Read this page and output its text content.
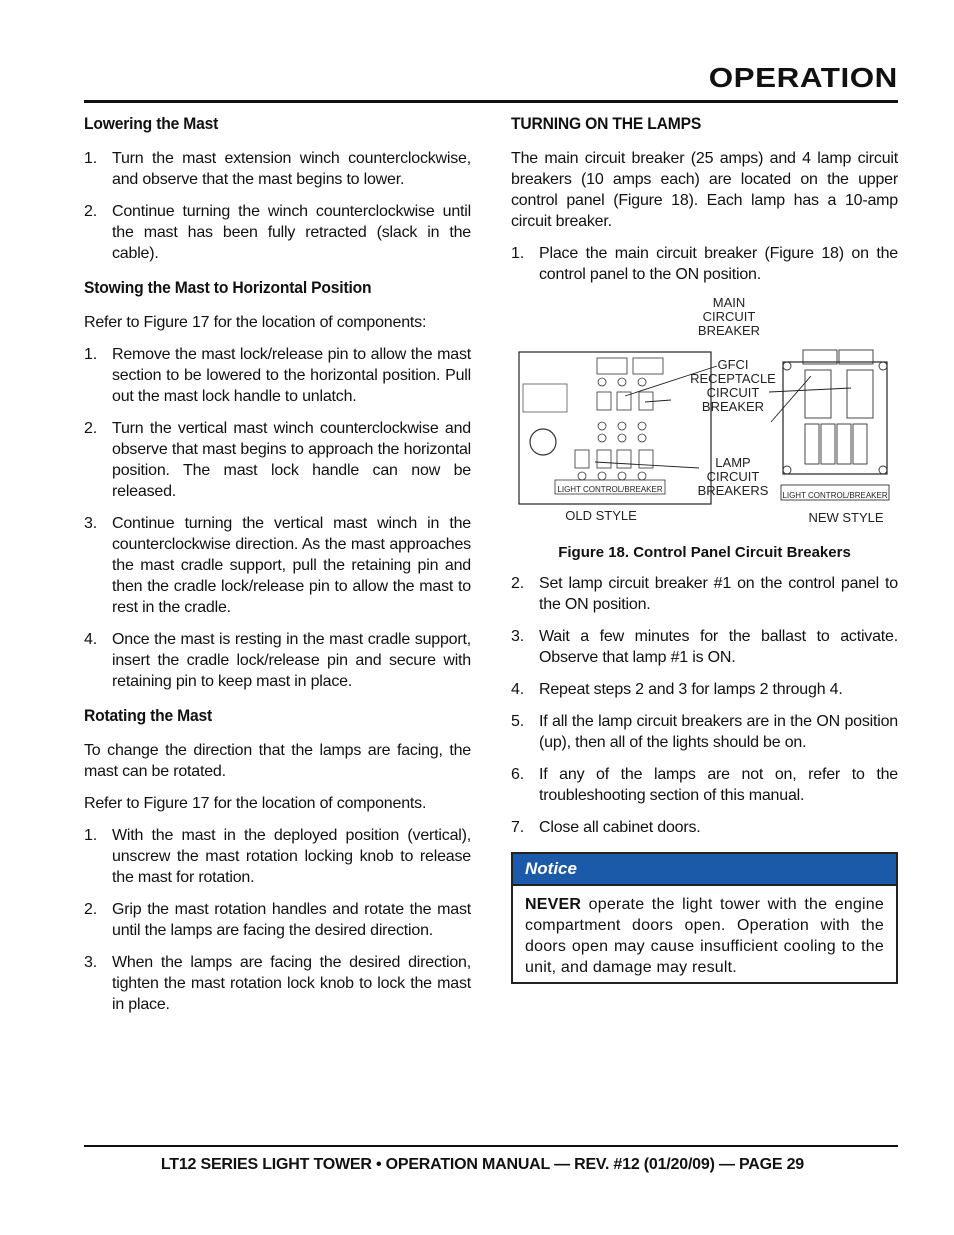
OPERATION
Lowering the Mast
1. Turn the mast extension winch counterclockwise, and observe that the mast begins to lower.
2. Continue turning the winch counterclockwise until the mast has been fully retracted (slack in the cable).
Stowing the Mast to Horizontal Position

Refer to Figure 17 for the location of components:

1. Remove the mast lock/release pin to allow the mast section to be lowered to the horizontal position. Pull out the mast lock handle to unlatch.
2. Turn the vertical mast winch counterclockwise and observe that mast begins to approach the horizontal position. The mast lock handle can now be released.
3. Continue turning the vertical mast winch in the counterclockwise direction. As the mast approaches the mast cradle support, pull the retaining pin and then the cradle lock/release pin to allow the mast to rest in the cradle.
4. Once the mast is resting in the mast cradle support, insert the cradle lock/release pin and secure with retaining pin to keep mast in place.
Rotating the Mast

To change the direction that the lamps are facing, the mast can be rotated.

Refer to Figure 17 for the location of components.

1. With the mast in the deployed position (vertical), unscrew the mast rotation locking knob to release the mast for rotation.
2. Grip the mast rotation handles and rotate the mast until the lamps are facing the desired direction.
3. When the lamps are facing the desired direction, tighten the mast rotation lock knob to lock the mast in place.
TURNING ON THE LAMPS

The main circuit breaker (25 amps) and 4 lamp circuit breakers (10 amps each) are located on the upper control panel (Figure 18). Each lamp has a 10-amp circuit breaker.

1. Place the main circuit breaker (Figure 18) on the control panel to the ON position.
MAIN CIRCUIT BREAKER
GFCI RECEPTACLE CIRCUIT BREAKER
LAMP CIRCUIT BREAKERS
OLD STYLE	NEW STYLE
LIGHT CONTROL/BREAKER
LIGHT CONTROL/BREAKER
Figure 18. Control Panel Circuit Breakers
2. Set lamp circuit breaker #1 on the control panel to the ON position.
3. Wait a few minutes for the ballast to activate. Observe that lamp #1 is ON.
4. Repeat steps 2 and 3 for lamps 2 through 4.
5. If all the lamp circuit breakers are in the ON position (up), then all of the lights should be on.
6. If any of the lamps are not on, refer to the troubleshooting section of this manual.
7. Close all cabinet doors.
Notice
NEVER operate the light tower with the engine compartment doors open. Operation with the doors open may cause insufficient cooling to the unit, and damage may result.
LT12 SERIES LIGHT TOWER • OPERATION MANUAL — REV. #12 (01/20/09) — PAGE 29
